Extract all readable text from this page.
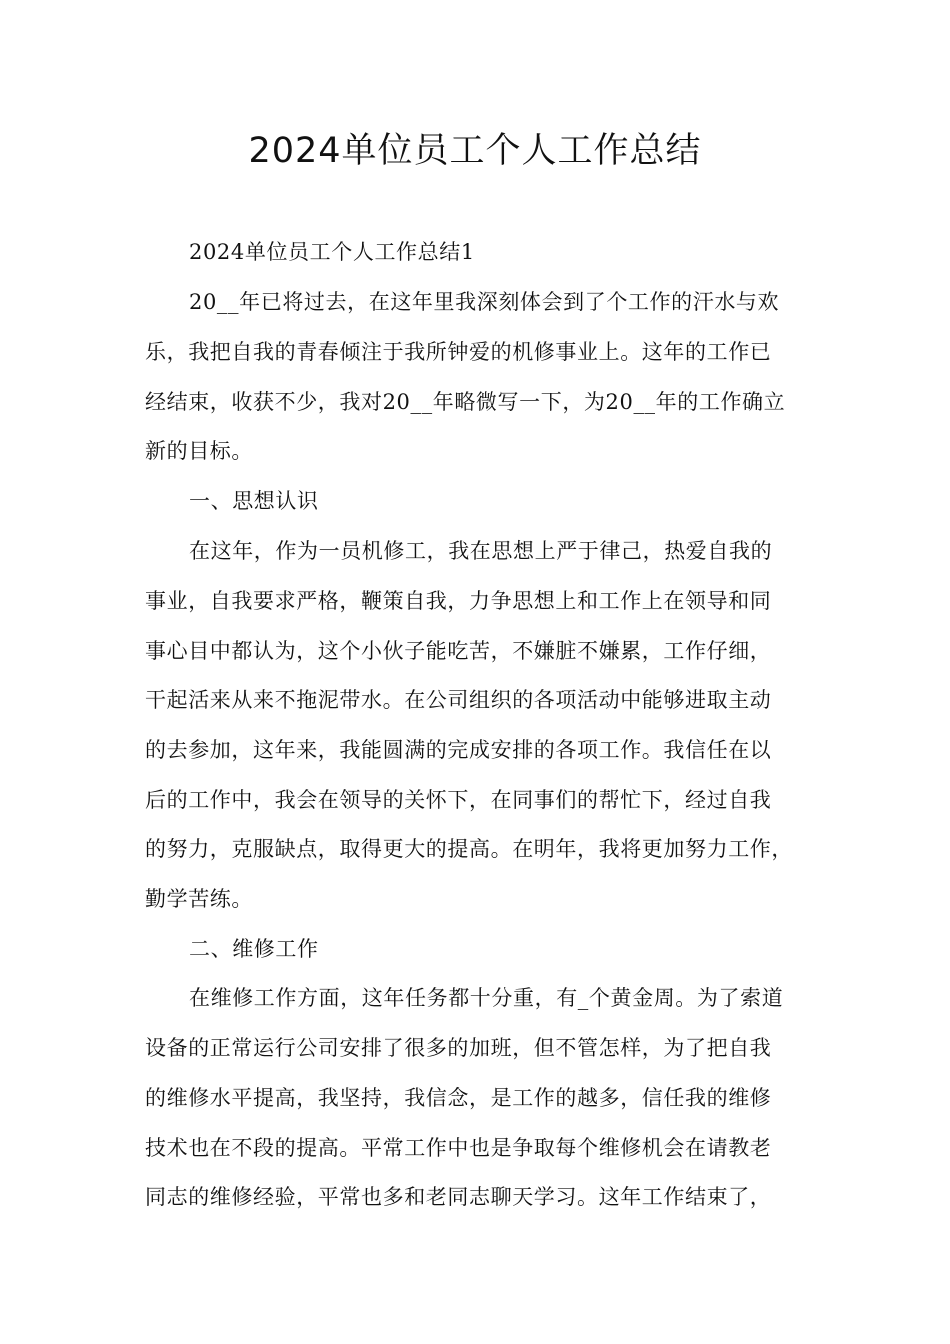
2024单位员工个人工作总结
2024单位员工个人工作总结1
20__年已将过去，在这年里我深刻体会到了个工作的汗水与欢
乐，我把自我的青春倾注于我所钟爱的机修事业上。这年的工作已
经结束，收获不少，我对20__年略微写一下，为20__年的工作确立
新的目标。
一、思想认识
在这年，作为一员机修工，我在思想上严于律己，热爱自我的
事业，自我要求严格，鞭策自我，力争思想上和工作上在领导和同
事心目中都认为，这个小伙子能吃苦，不嫌脏不嫌累，工作仔细，
干起活来从来不拖泥带水。在公司组织的各项活动中能够进取主动
的去参加，这年来，我能圆满的完成安排的各项工作。我信任在以
后的工作中，我会在领导的关怀下，在同事们的帮忙下，经过自我
的努力，克服缺点，取得更大的提高。在明年，我将更加努力工作，
勤学苦练。
二、维修工作
在维修工作方面，这年任务都十分重，有_个黄金周。为了索道
设备的正常运行公司安排了很多的加班，但不管怎样，为了把自我
的维修水平提高，我坚持，我信念，是工作的越多，信任我的维修
技术也在不段的提高。平常工作中也是争取每个维修机会在请教老
同志的维修经验，平常也多和老同志聊天学习。这年工作结束了，
